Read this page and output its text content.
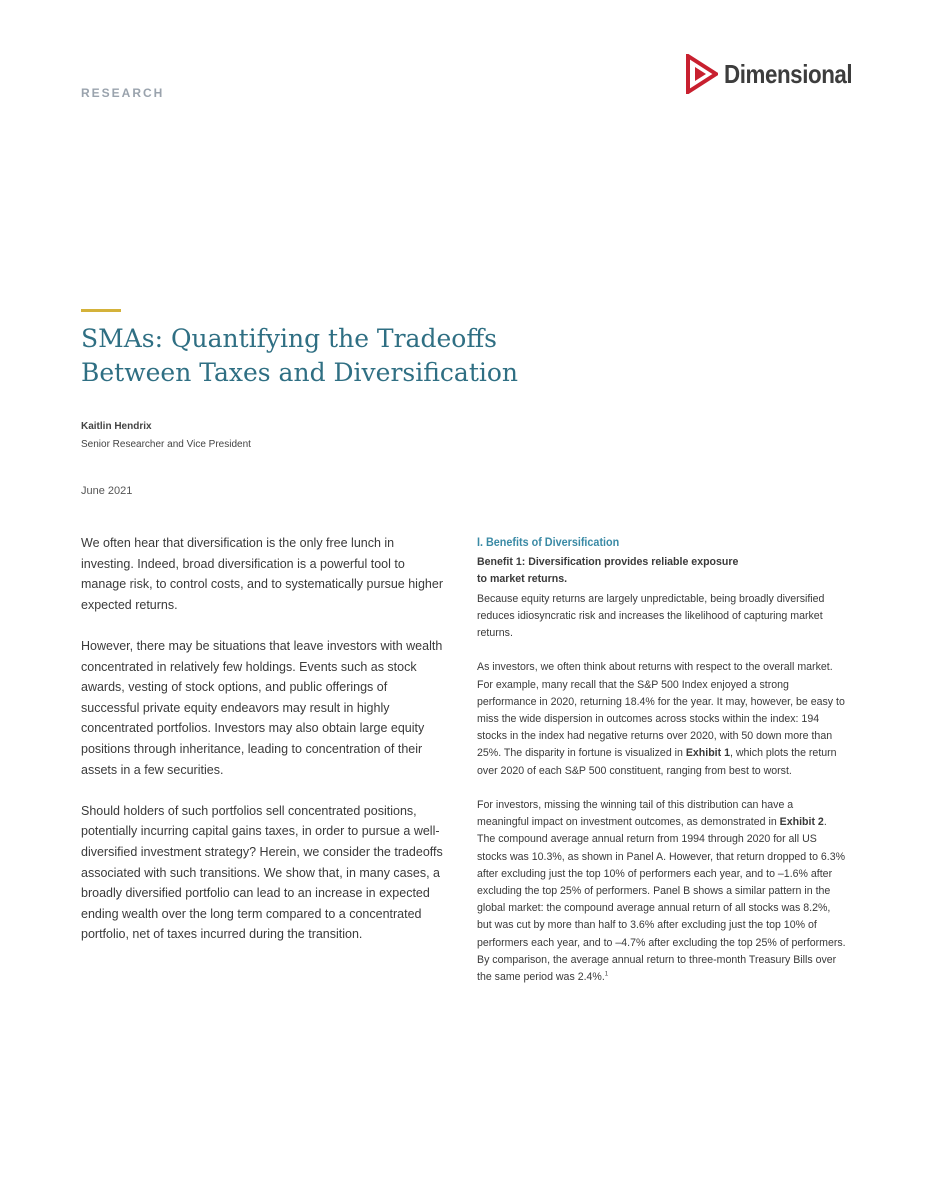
RESEARCH
Dimensional
SMAs: Quantifying the Tradeoffs
Between Taxes and Diversification
Kaitlin Hendrix
Senior Researcher and Vice President
June 2021

We often hear that diversification is the only free lunch in investing. Indeed, broad diversification is a powerful tool to manage risk, to control costs, and to systematically pursue higher expected returns.

However, there may be situations that leave investors with wealth concentrated in relatively few holdings. Events such as stock awards, vesting of stock options, and public offerings of successful private equity endeavors may result in highly concentrated portfolios. Investors may also obtain large equity positions through inheritance, leading to concentration of their assets in a few securities.

Should holders of such portfolios sell concentrated positions, potentially incurring capital gains taxes, in order to pursue a well-diversified investment strategy? Herein, we consider the tradeoffs associated with such transitions. We show that, in many cases, a broadly diversified portfolio can lead to an increase in expected ending wealth over the long term compared to a concentrated portfolio, net of taxes incurred during the transition.

I. Benefits of Diversification
Benefit 1: Diversification provides reliable exposure
to market returns.

Because equity returns are largely unpredictable, being broadly diversified reduces idiosyncratic risk and increases the likelihood of capturing market returns.

As investors, we often think about returns with respect to the overall market. For example, many recall that the S&P 500 Index enjoyed a strong performance in 2020, returning 18.4% for the year. It may, however, be easy to miss the wide dispersion in outcomes across stocks within the index: 194 stocks in the index had negative returns over 2020, with 50 down more than 25%. The disparity in fortune is visualized in Exhibit 1, which plots the return over 2020 of each S&P 500 constituent, ranging from best to worst.

For investors, missing the winning tail of this distribution can have a meaningful impact on investment outcomes, as demonstrated in Exhibit 2. The compound average annual return from 1994 through 2020 for all US stocks was 10.3%, as shown in Panel A. However, that return dropped to 6.3% after excluding just the top 10% of performers each year, and to –1.6% after excluding the top 25% of performers. Panel B shows a similar pattern in the global market: the compound average annual return of all stocks was 8.2%, but was cut by more than half to 3.6% after excluding just the top 10% of performers each year, and to –4.7% after excluding the top 25% of performers. By comparison, the average annual return to three-month Treasury Bills over the same period was 2.4%.$^1$
